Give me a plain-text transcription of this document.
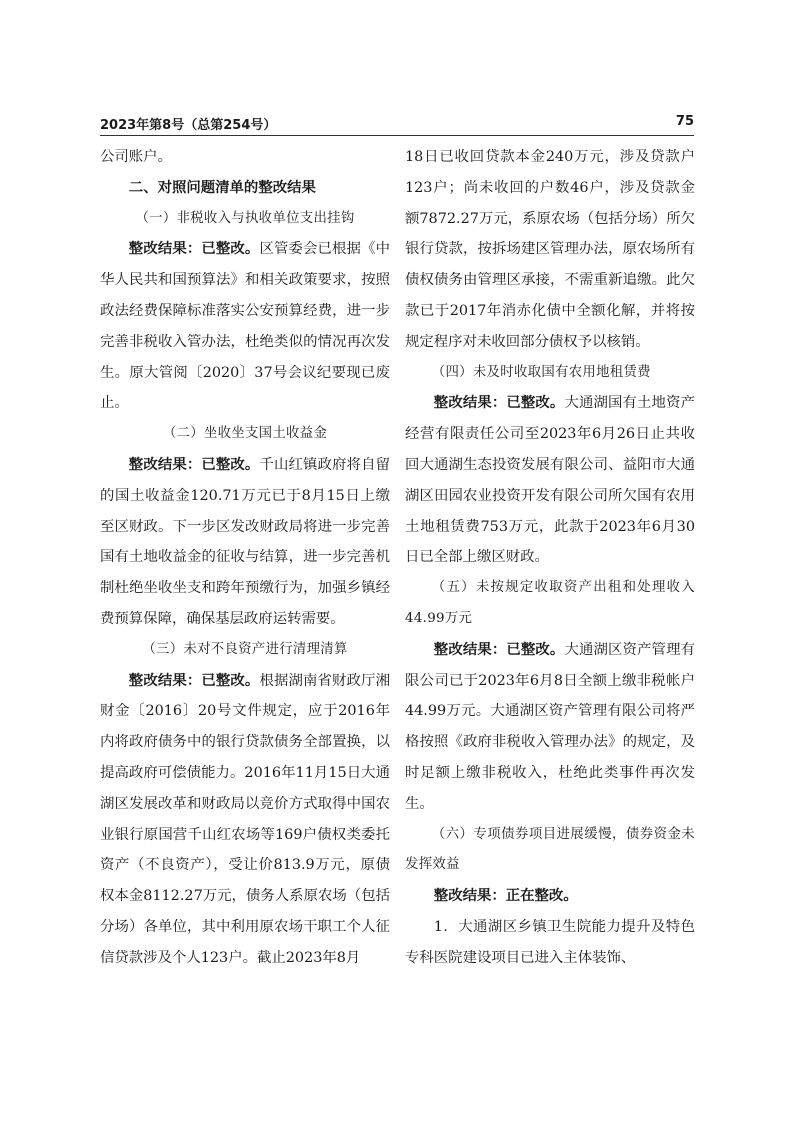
2023年第8号（总第254号）	75

公司账户。

二、对照问题清单的整改结果

（一）非税收入与执收单位支出挂钩

整改结果：已整改。区管委会已根据《中华人民共和国预算法》和相关政策要求，按照政法经费保障标准落实公安预算经费，进一步完善非税收入管办法，杜绝类似的情况再次发生。原大管阅〔2020〕37号会议纪要现已废止。

（二）坐收坐支国土收益金

整改结果：已整改。千山红镇政府将自留的国土收益金120.71万元已于8月15日上缴至区财政。下一步区发改财政局将进一步完善国有土地收益金的征收与结算，进一步完善机制杜绝坐收坐支和跨年预缴行为，加强乡镇经费预算保障，确保基层政府运转需要。

（三）未对不良资产进行清理清算

整改结果：已整改。根据湖南省财政厅湘财金〔2016〕20号文件规定，应于2016年内将政府债务中的银行贷款债务全部置换，以提高政府可偿债能力。2016年11月15日大通湖区发展改革和财政局以竞价方式取得中国农业银行原国营千山红农场等169户债权类委托资产（不良资产），受让价813.9万元，原债权本金8112.27万元，债务人系原农场（包括分场）各单位，其中利用原农场干职工个人征信贷款涉及个人123户。截止2023年8月

18日已收回贷款本金240万元，涉及贷款户123户；尚未收回的户数46户，涉及贷款金额7872.27万元，系原农场（包括分场）所欠银行贷款，按拆场建区管理办法，原农场所有债权债务由管理区承接，不需重新追缴。此欠款已于2017年消赤化债中全额化解，并将按规定程序对未收回部分债权予以核销。

（四）未及时收取国有农用地租赁费

整改结果：已整改。大通湖国有土地资产经营有限责任公司至2023年6月26日止共收回大通湖生态投资发展有限公司、益阳市大通湖区田园农业投资开发有限公司所欠国有农用土地租赁费753万元，此款于2023年6月30日已全部上缴区财政。

（五）未按规定收取资产出租和处理收入44.99万元

整改结果：已整改。大通湖区资产管理有限公司已于2023年6月8日全额上缴非税帐户44.99万元。大通湖区资产管理有限公司将严格按照《政府非税收入管理办法》的规定，及时足额上缴非税收入，杜绝此类事件再次发生。

（六）专项债券项目进展缓慢，债券资金未发挥效益

整改结果：正在整改。

1．大通湖区乡镇卫生院能力提升及特色专科医院建设项目已进入主体装饰、
